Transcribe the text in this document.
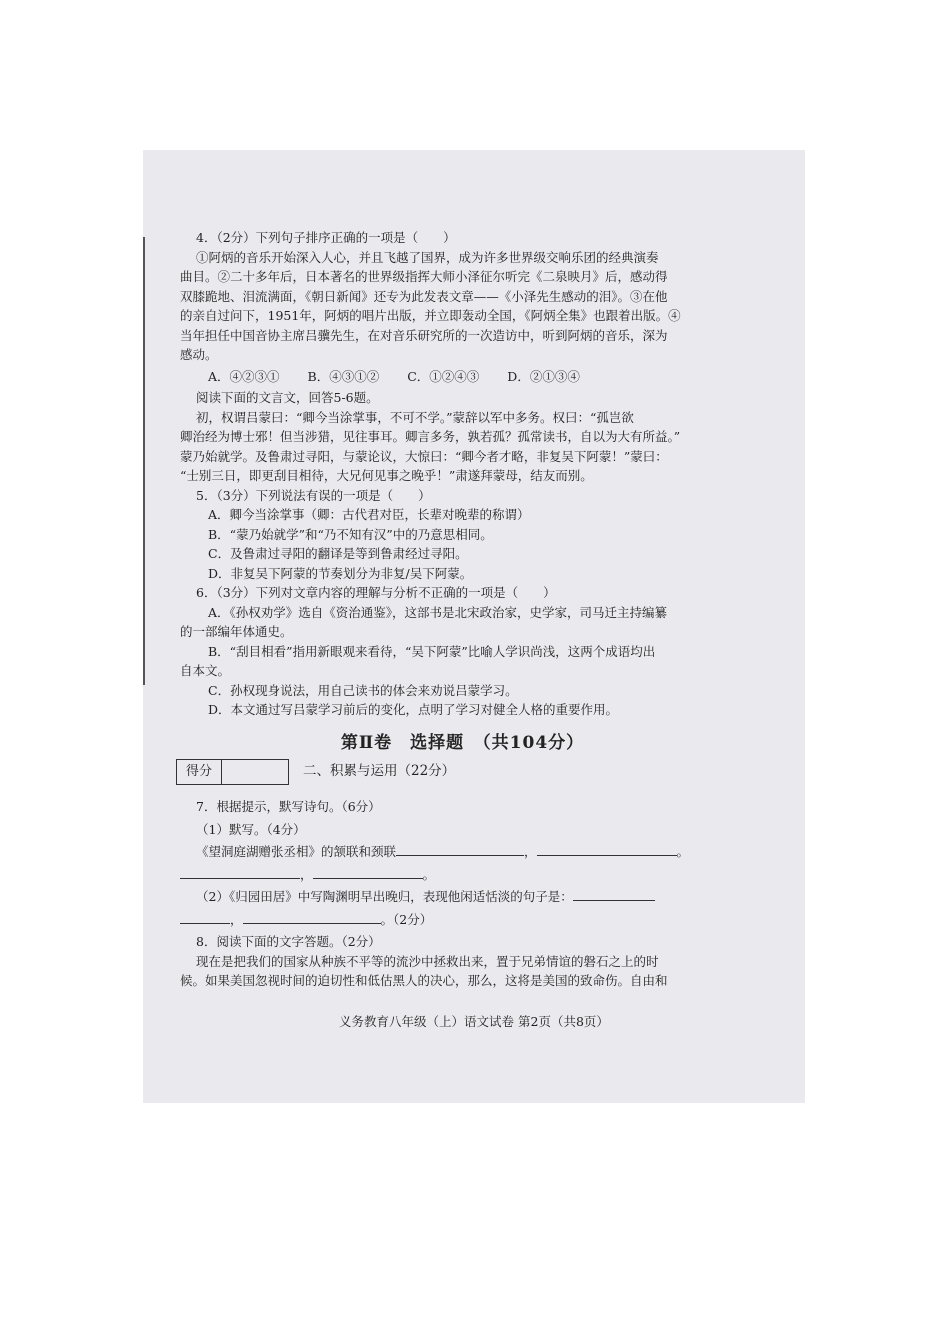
4．（2分）下列句子排序正确的一项是（　　）
①阿炳的音乐开始深入人心，并且飞越了国界，成为许多世界级交响乐团的经典演奏
曲目。②二十多年后，日本著名的世界级指挥大师小泽征尔听完《二泉映月》后，感动得
双膝跪地、泪流满面，《朝日新闻》还专为此发表文章——《小泽先生感动的泪》。③在他
的亲自过问下，1951年，阿炳的唱片出版，并立即轰动全国，《阿炳全集》也跟着出版。④
当年担任中国音协主席吕骥先生，在对音乐研究所的一次造访中，听到阿炳的音乐，深为
感动。
A．④②③① B．④③①② C．①②④③ D．②①③④
阅读下面的文言文，回答5-6题。
初，权谓吕蒙曰：“卿今当涂掌事，不可不学。”蒙辞以军中多务。权曰：“孤岂欲
卿治经为博士邪！但当涉猎，见往事耳。卿言多务，孰若孤？孤常读书，自以为大有所益。”
蒙乃始就学。及鲁肃过寻阳，与蒙论议，大惊曰：“卿今者才略，非复吴下阿蒙！”蒙曰：
“士别三日，即更刮目相待，大兄何见事之晚乎！”肃遂拜蒙母，结友而别。
5．（3分）下列说法有误的一项是（　　）
A．卿今当涂掌事（卿：古代君对臣，长辈对晚辈的称谓）
B．“蒙乃始就学”和“乃不知有汉”中的乃意思相同。
C．及鲁肃过寻阳的翻译是等到鲁肃经过寻阳。
D．非复吴下阿蒙的节奏划分为非复/吴下阿蒙。
6．（3分）下列对文章内容的理解与分析不正确的一项是（　　）
A．《孙权劝学》选自《资治通鉴》，这部书是北宋政治家，史学家，司马迁主持编纂
的一部编年体通史。
B．“刮目相看”指用新眼观来看待，“吴下阿蒙”比喻人学识尚浅，这两个成语均出
自本文。
C．孙权现身说法，用自己读书的体会来劝说吕蒙学习。
D．本文通过写吕蒙学习前后的变化，点明了学习对健全人格的重要作用。
第Ⅱ卷　选择题　（共104分）
得分	二、积累与运用（22分）
7．根据提示，默写诗句。（6分）
（1）默写。（4分）
《望洞庭湖赠张丞相》的颔联和颈联	，	。
，	。
（2）《归园田居》中写陶渊明早出晚归，表现他闲适恬淡的句子是：
，	。（2分）
8．阅读下面的文字答题。（2分）
现在是把我们的国家从种族不平等的流沙中拯救出来，置于兄弟情谊的磐石之上的时
候。如果美国忽视时间的迫切性和低估黑人的决心，那么，这将是美国的致命伤。自由和
义务教育八年级（上）语文试卷 第2页（共8页）
